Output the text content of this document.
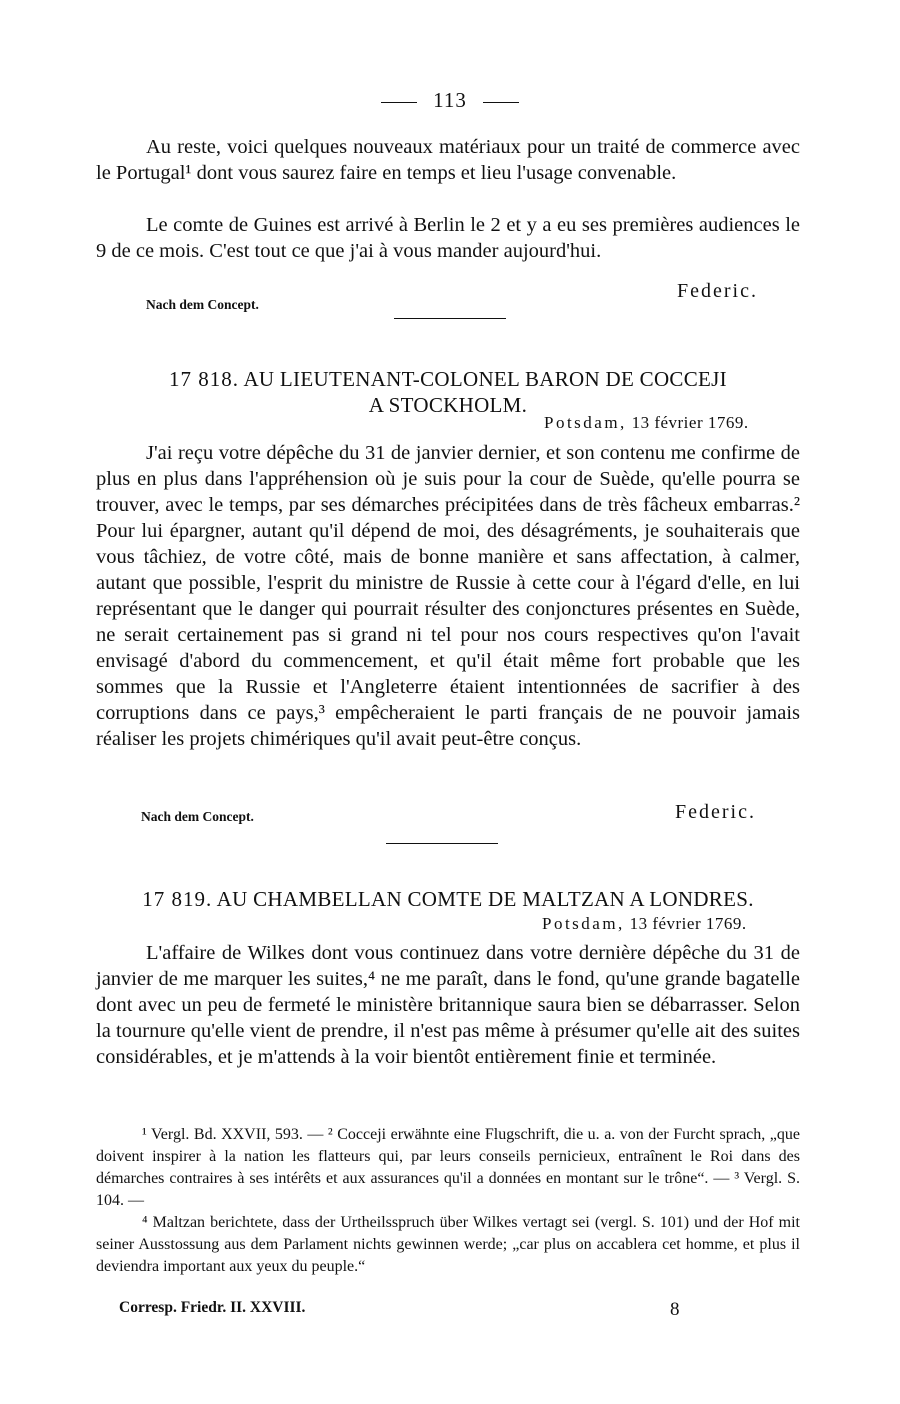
113
Au reste, voici quelques nouveaux matériaux pour un traité de commerce avec le Portugal¹ dont vous saurez faire en temps et lieu l'usage convenable.
Le comte de Guines est arrivé à Berlin le 2 et y a eu ses premières audiences le 9 de ce mois. C'est tout ce que j'ai à vous mander aujourd'hui.
Nach dem Concept.
Federic.
17 818. AU LIEUTENANT-COLONEL BARON DE COCCEJI
A STOCKHOLM.
Potsdam, 13 février 1769.
J'ai reçu votre dépêche du 31 de janvier dernier, et son contenu me confirme de plus en plus dans l'appréhension où je suis pour la cour de Suède, qu'elle pourra se trouver, avec le temps, par ses démarches précipitées dans de très fâcheux embarras.² Pour lui épargner, autant qu'il dépend de moi, des désagréments, je souhaiterais que vous tâchiez, de votre côté, mais de bonne manière et sans affectation, à calmer, autant que possible, l'esprit du ministre de Russie à cette cour à l'égard d'elle, en lui représentant que le danger qui pourrait résulter des conjonctures présentes en Suède, ne serait certainement pas si grand ni tel pour nos cours respectives qu'on l'avait envisagé d'abord du commencement, et qu'il était même fort probable que les sommes que la Russie et l'Angleterre étaient intentionnées de sacrifier à des corruptions dans ce pays,³ empêcheraient le parti français de ne pouvoir jamais réaliser les projets chimériques qu'il avait peut-être conçus.
Nach dem Concept.	Federic.
17 819. AU CHAMBELLAN COMTE DE MALTZAN A LONDRES.
Potsdam, 13 février 1769.
L'affaire de Wilkes dont vous continuez dans votre dernière dépêche du 31 de janvier de me marquer les suites,⁴ ne me paraît, dans le fond, qu'une grande bagatelle dont avec un peu de fermeté le ministère britannique saura bien se débarrasser. Selon la tournure qu'elle vient de prendre, il n'est pas même à présumer qu'elle ait des suites considérables, et je m'attends à la voir bientôt entièrement finie et terminée.
¹ Vergl. Bd. XXVII, 593. — ² Cocceji erwähnte eine Flugschrift, die u. a. von der Furcht sprach, „que doivent inspirer à la nation les flatteurs qui, par leurs conseils pernicieux, entraînent le Roi dans des démarches contraires à ses intérêts et aux assurances qu'il a données en montant sur le trône“. — ³ Vergl. S. 104. —
⁴ Maltzan berichtete, dass der Urtheilsspruch über Wilkes vertagt sei (vergl. S. 101) und der Hof mit seiner Ausstossung aus dem Parlament nichts gewinnen werde; „car plus on accablera cet homme, et plus il deviendra important aux yeux du peuple.“
Corresp. Friedr. II. XXVIII.	8
